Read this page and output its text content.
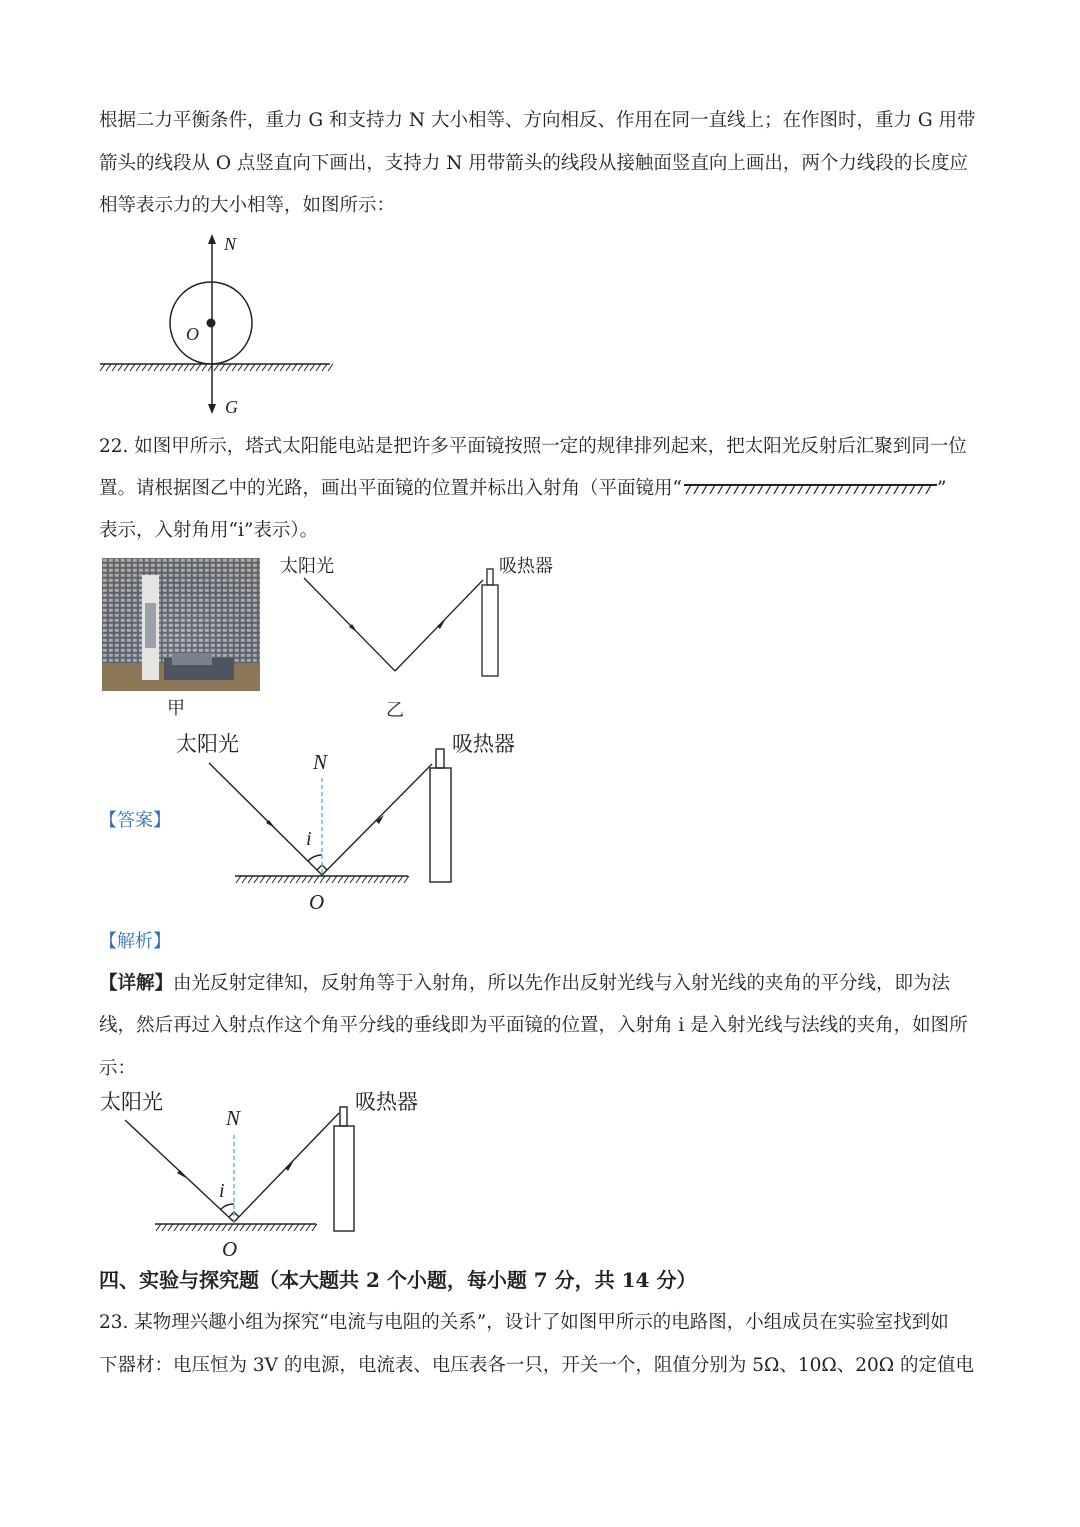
根据二力平衡条件，重力 G 和支持力 N 大小相等、方向相反、作用在同一直线上；在作图时，重力 G 用带
箭头的线段从 O 点竖直向下画出，支持力 N 用带箭头的线段从接触面竖直向上画出，两个力线段的长度应
相等表示力的大小相等，如图所示：
N
O
G
22. 如图甲所示，塔式太阳能电站是把许多平面镜按照一定的规律排列起来，把太阳光反射后汇聚到同一位
置。请根据图乙中的光路，画出平面镜的位置并标出入射角（平面镜用“	”
表示，入射角用“i”表示）。
甲
太阳光	吸热器
乙
【答案】
太阳光	吸热器
N
i
O
【解析】
【详解】由光反射定律知，反射角等于入射角，所以先作出反射光线与入射光线的夹角的平分线，即为法
线，然后再过入射点作这个角平分线的垂线即为平面镜的位置，入射角 i 是入射光线与法线的夹角，如图所
示：
太阳光	吸热器
N
i
O
四、实验与探究题（本大题共 2 个小题，每小题 7 分，共 14 分）
23. 某物理兴趣小组为探究“电流与电阻的关系”，设计了如图甲所示的电路图，小组成员在实验室找到如
下器材：电压恒为 3V 的电源，电流表、电压表各一只，开关一个，阻值分别为 5Ω、10Ω、20Ω 的定值电
